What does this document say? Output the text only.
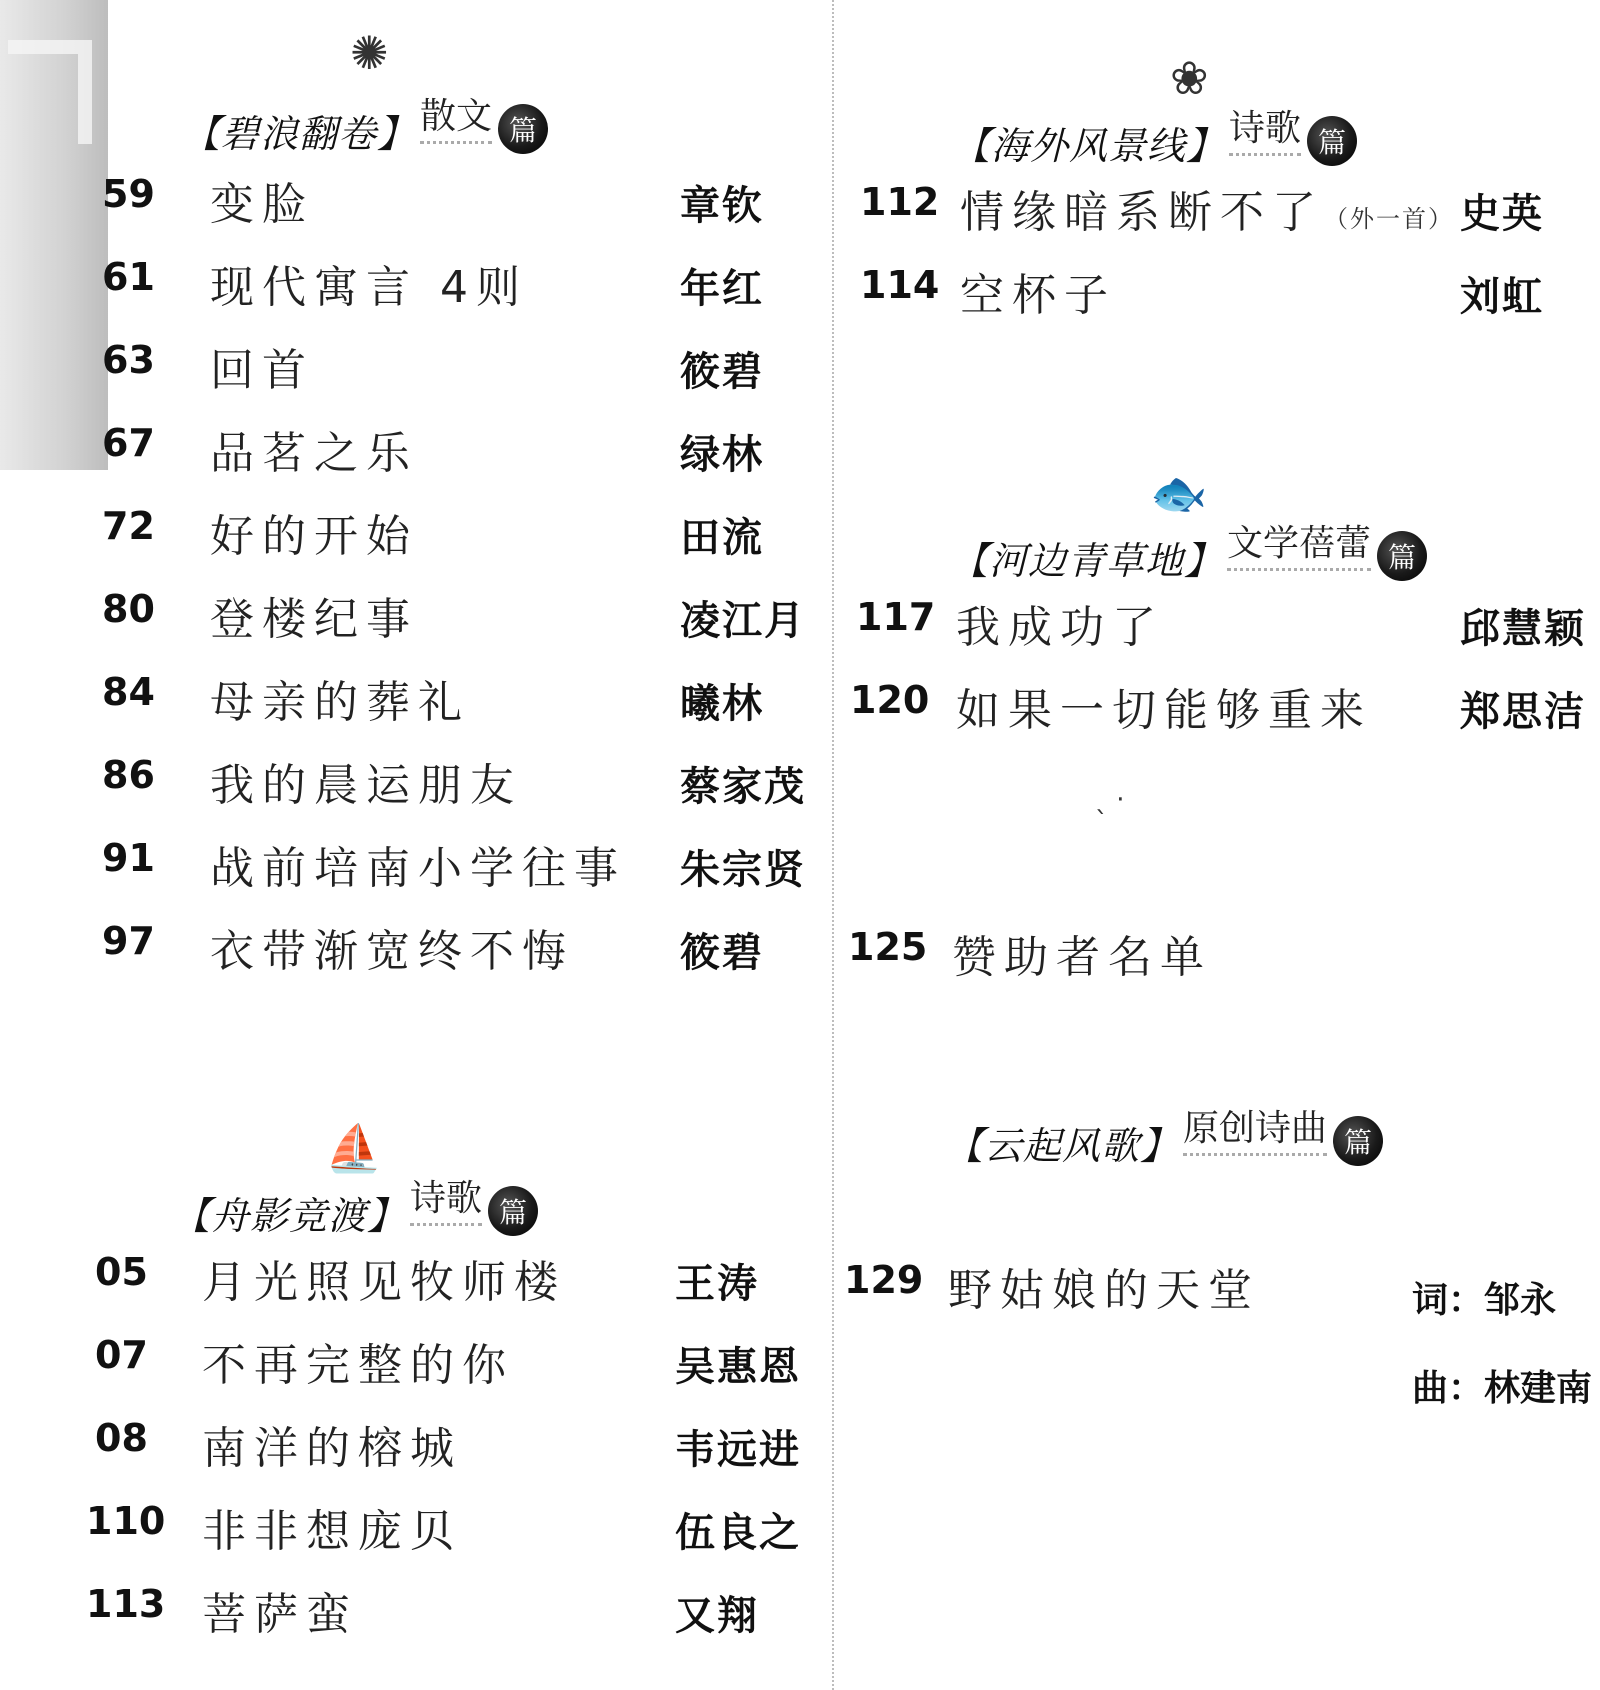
✺
【碧浪翻卷】 散文 篇
59 变脸	章钦
61 现代寓言 4则	年红
63 回首	筱碧
67 品茗之乐	绿林
72 好的开始	田流
80 登楼纪事	凌江月
84 母亲的葬礼	曦林
86 我的晨运朋友	蔡家茂
91 战前培南小学往事 朱宗贤
97 衣带渐宽终不悔	筱碧
⛵
【舟影竞渡】 诗歌 篇
05 月光照见牧师楼	王涛
07 不再完整的你	吴惠恩
08 南洋的榕城	韦远进
110 非非想庞贝	伍良之
113 菩萨蛮	又翔
❀
【海外风景线】 诗歌 篇
112 情缘暗系断不了（外一首） 史英
114 空杯子	刘虹
🐟
【河边青草地】 文学蓓蕾 篇
117 我成功了	邱慧颖
120 如果一切能够重来 郑思洁
ˎ ·
125 赞助者名单
【云起风歌】 原创诗曲 篇
129 野姑娘的天堂	词：邹永
曲：林建南
